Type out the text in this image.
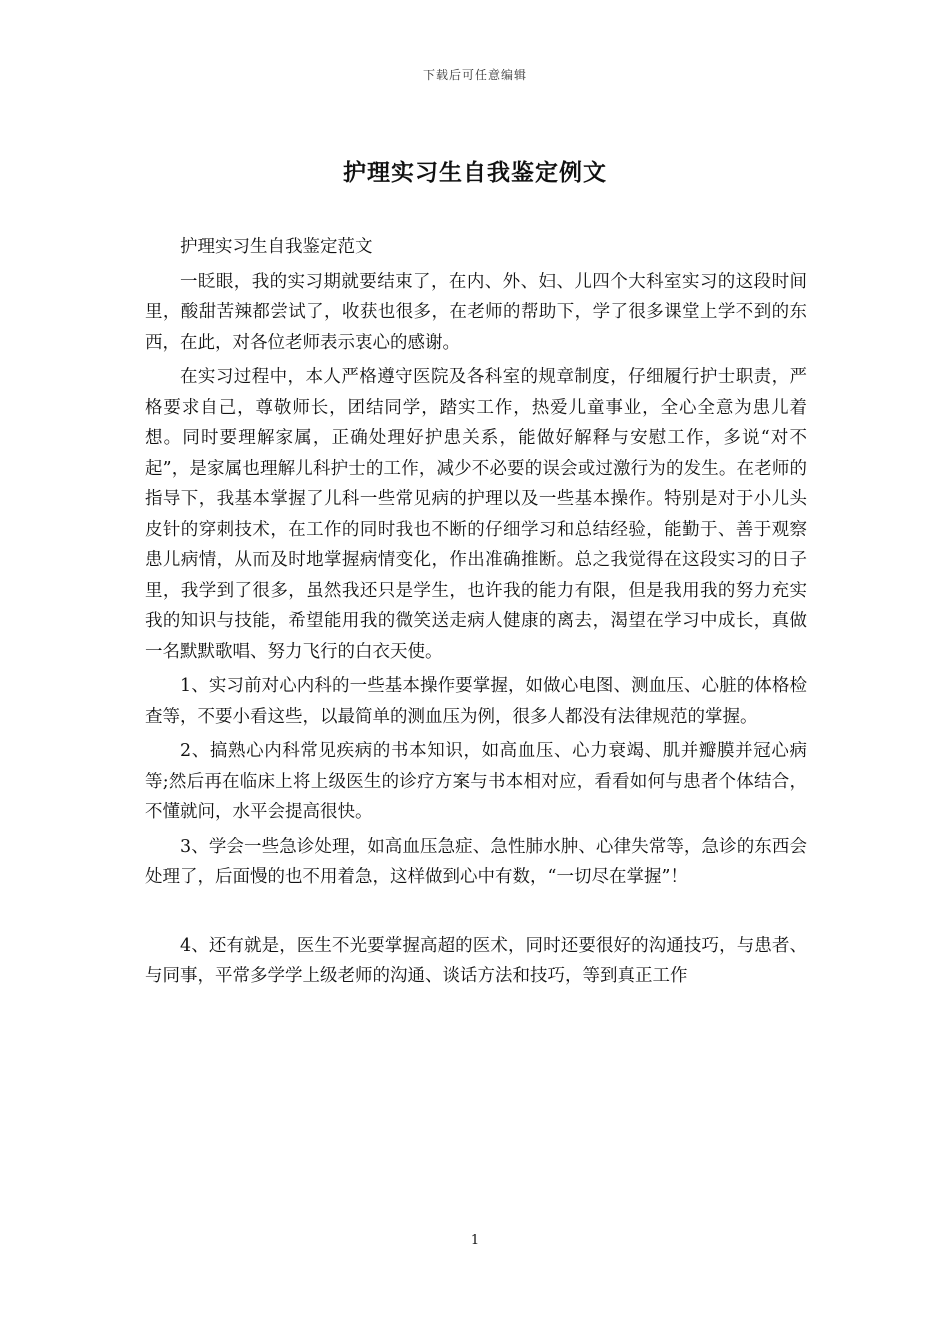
下载后可任意编辑
护理实习生自我鉴定例文

护理实习生自我鉴定范文

一眨眼，我的实习期就要结束了，在内、外、妇、儿四个大科室实习的这段时间里，酸甜苦辣都尝试了，收获也很多，在老师的帮助下，学了很多课堂上学不到的东西，在此，对各位老师表示衷心的感谢。

在实习过程中，本人严格遵守医院及各科室的规章制度，仔细履行护士职责，严格要求自己，尊敬师长，团结同学，踏实工作，热爱儿童事业，全心全意为患儿着想。同时要理解家属，正确处理好护患关系，能做好解释与安慰工作，多说“对不起”，是家属也理解儿科护士的工作，减少不必要的误会或过激行为的发生。在老师的指导下，我基本掌握了儿科一些常见病的护理以及一些基本操作。特别是对于小儿头皮针的穿刺技术，在工作的同时我也不断的仔细学习和总结经验，能勤于、善于观察患儿病情，从而及时地掌握病情变化，作出准确推断。总之我觉得在这段实习的日子里，我学到了很多，虽然我还只是学生，也许我的能力有限，但是我用我的努力充实我的知识与技能，希望能用我的微笑送走病人健康的离去，渴望在学习中成长，真做一名默默歌唱、努力飞行的白衣天使。

1、实习前对心内科的一些基本操作要掌握，如做心电图、测血压、心脏的体格检查等，不要小看这些，以最简单的测血压为例，很多人都没有法律规范的掌握。

2、搞熟心内科常见疾病的书本知识，如高血压、心力衰竭、肌并瓣膜并冠心病等;然后再在临床上将上级医生的诊疗方案与书本相对应，看看如何与患者个体结合，不懂就问，水平会提高很快。

3、学会一些急诊处理，如高血压急症、急性肺水肿、心律失常等，急诊的东西会处理了，后面慢的也不用着急，这样做到心中有数，“一切尽在掌握”！

4、还有就是，医生不光要掌握高超的医术，同时还要很好的沟通技巧，与患者、与同事，平常多学学上级老师的沟通、谈话方法和技巧，等到真正工作

1
